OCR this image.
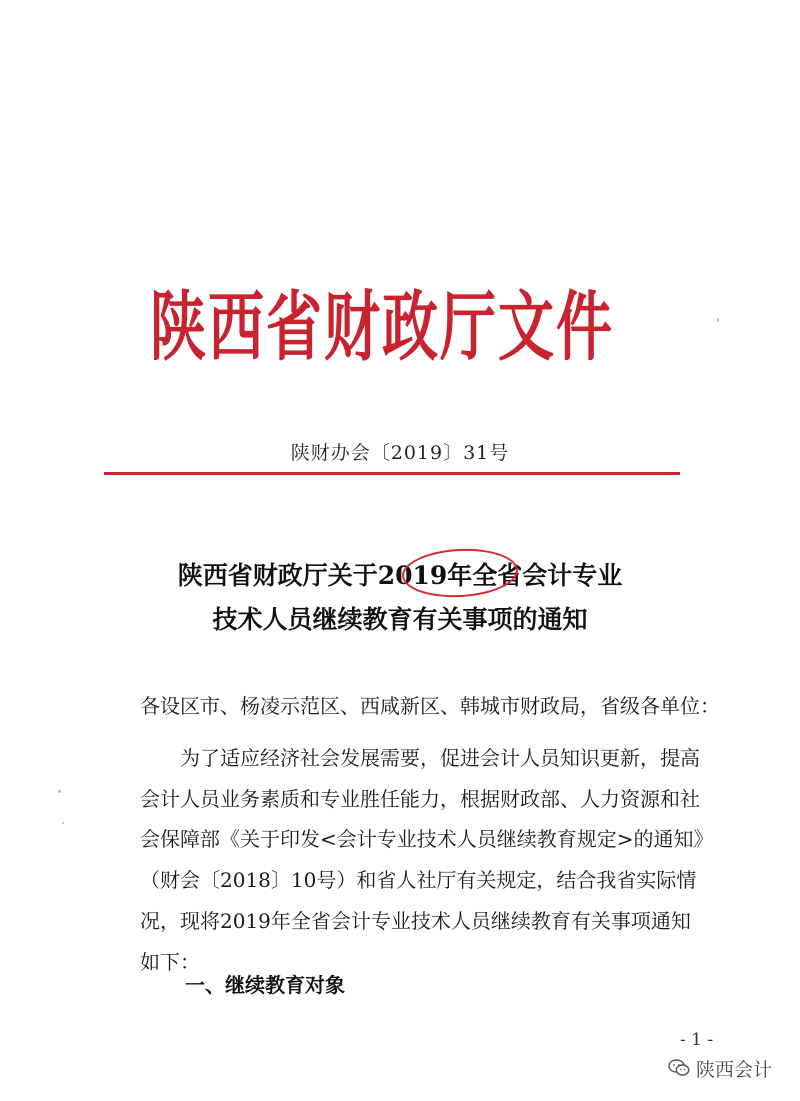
陕西省财政厅文件
陕财办会〔2019〕31号
陕西省财政厅关于2019年全省会计专业
技术人员继续教育有关事项的通知
各设区市、杨凌示范区、西咸新区、韩城市财政局，省级各单位：
　　为了适应经济社会发展需要，促进会计人员知识更新，提高
会计人员业务素质和专业胜任能力，根据财政部、人力资源和社
会保障部《关于印发<会计专业技术人员继续教育规定>的通知》
（财会〔2018〕10号）和省人社厅有关规定，结合我省实际情
况，现将2019年全省会计专业技术人员继续教育有关事项通知
如下：
一、继续教育对象
- 1 -
陕西会计
